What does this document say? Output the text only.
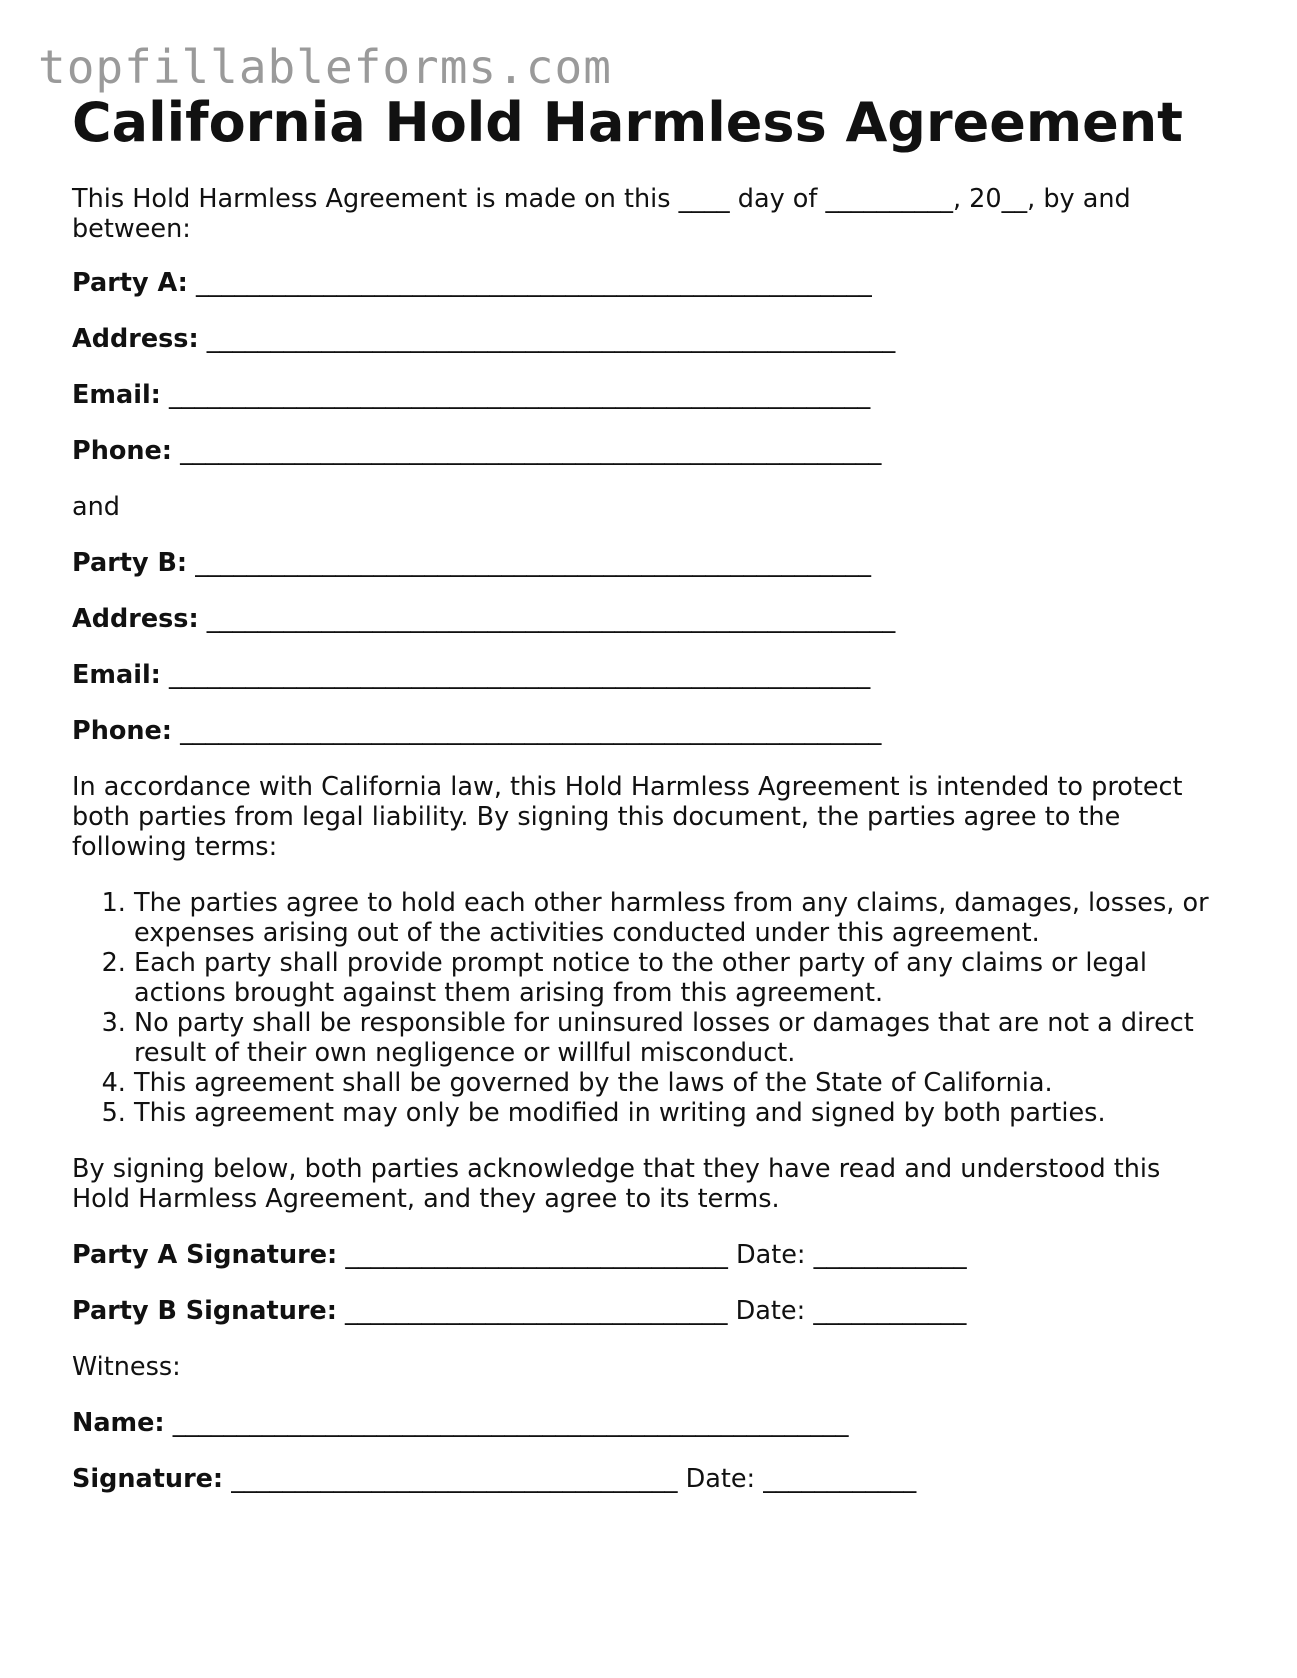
topfillableforms.com
California Hold Harmless Agreement

This Hold Harmless Agreement is made on this ____ day of __________, 20__, by and between:

Party A: _____________________________________________________
Address: ______________________________________________________
Email: _______________________________________________________
Phone: _______________________________________________________

and

Party B: _____________________________________________________
Address: ______________________________________________________
Email: _______________________________________________________
Phone: _______________________________________________________

In accordance with California law, this Hold Harmless Agreement is intended to protect both parties from legal liability. By signing this document, the parties agree to the following terms:

1. The parties agree to hold each other harmless from any claims, damages, losses, or expenses arising out of the activities conducted under this agreement.
2. Each party shall provide prompt notice to the other party of any claims or legal actions brought against them arising from this agreement.
3. No party shall be responsible for uninsured losses or damages that are not a direct result of their own negligence or willful misconduct.
4. This agreement shall be governed by the laws of the State of California.
5. This agreement may only be modified in writing and signed by both parties.

By signing below, both parties acknowledge that they have read and understood this Hold Harmless Agreement, and they agree to its terms.

Party A Signature: ______________________________ Date: ____________
Party B Signature: ______________________________ Date: ____________

Witness:

Name: _____________________________________________________
Signature: ___________________________________ Date: ____________
